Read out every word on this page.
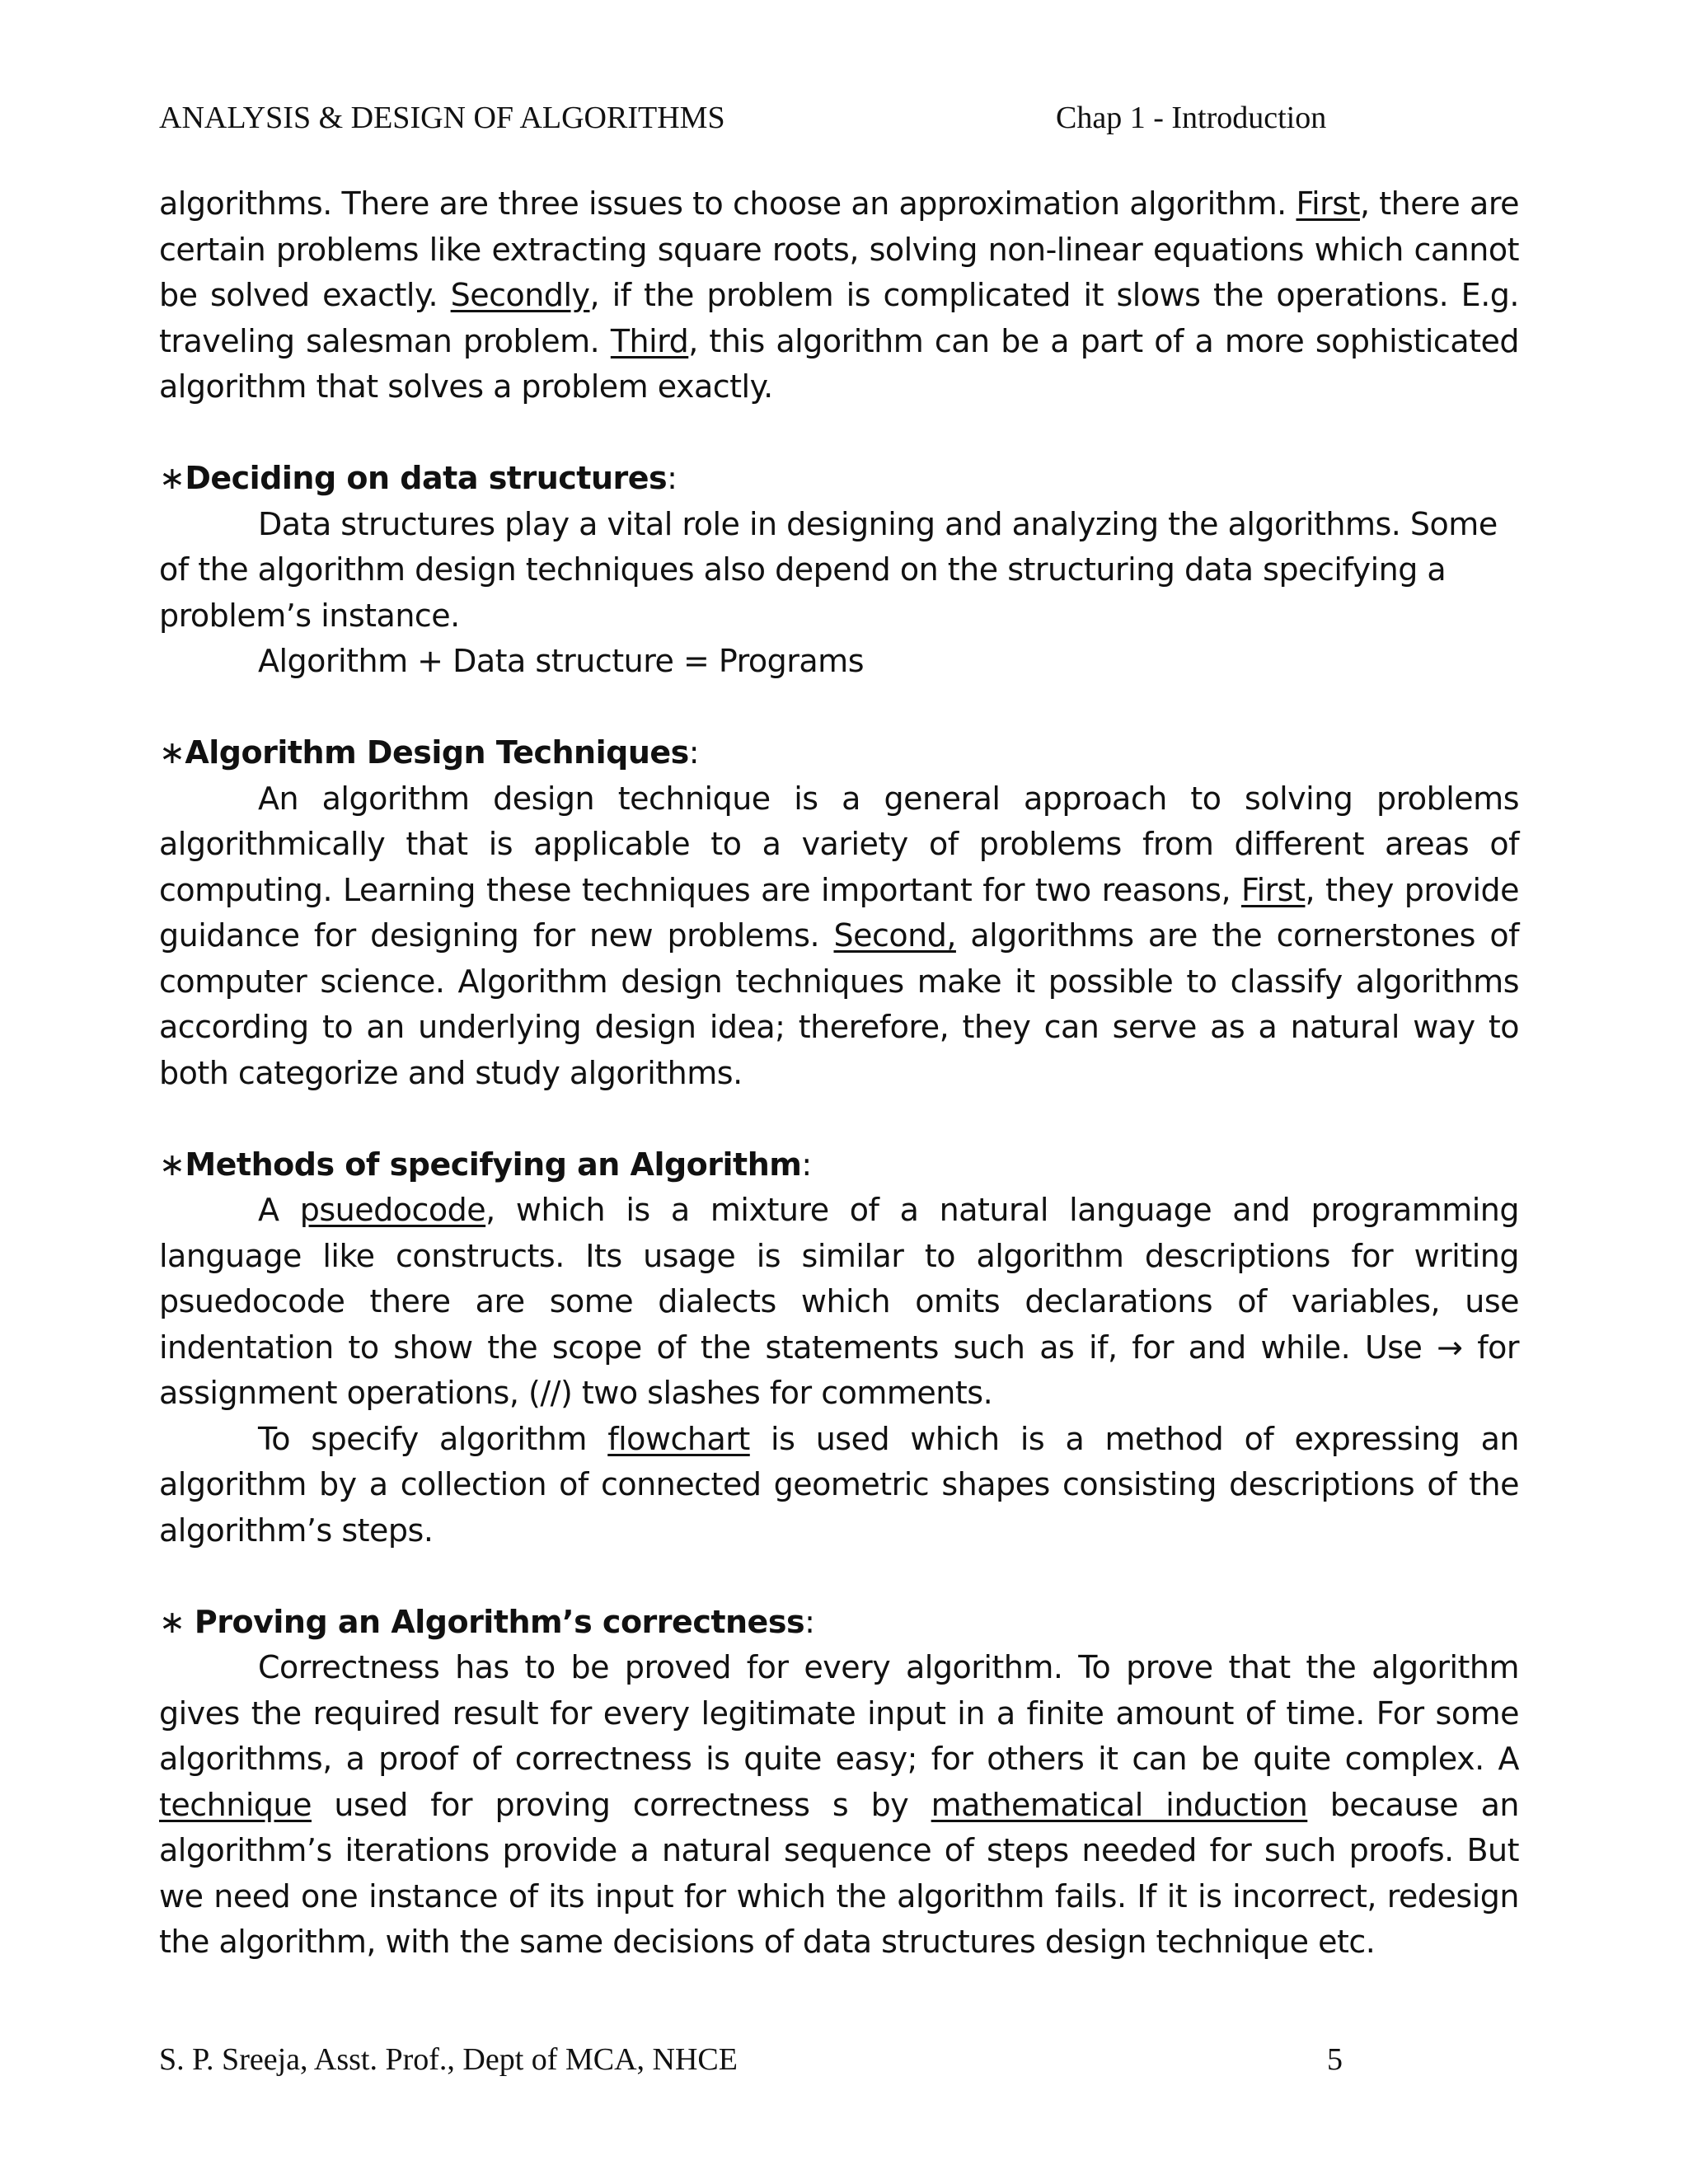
ANALYSIS & DESIGN OF ALGORITHMS	Chap 1 - Introduction

algorithms. There are three issues to choose an approximation algorithm. First, there are certain problems like extracting square roots, solving non-linear equations which cannot be solved exactly. Secondly, if the problem is complicated it slows the operations. E.g. traveling salesman problem. Third, this algorithm can be a part of a more sophisticated algorithm that solves a problem exactly.

∗Deciding on data structures:

Data structures play a vital role in designing and analyzing the algorithms. Some of the algorithm design techniques also depend on the structuring data specifying a problem’s instance.

Algorithm + Data structure = Programs
∗Algorithm Design Techniques:

An algorithm design technique is a general approach to solving problems algorithmically that is applicable to a variety of problems from different areas of computing. Learning these techniques are important for two reasons, First, they provide guidance for designing for new problems. Second, algorithms are the cornerstones of computer science. Algorithm design techniques make it possible to classify algorithms according to an underlying design idea; therefore, they can serve as a natural way to both categorize and study algorithms.

∗Methods of specifying an Algorithm:

A psuedocode, which is a mixture of a natural language and programming language like constructs. Its usage is similar to algorithm descriptions for writing psuedocode there are some dialects which omits declarations of variables, use indentation to show the scope of the statements such as if, for and while. Use → for assignment operations, (//) two slashes for comments.

To specify algorithm flowchart is used which is a method of expressing an algorithm by a collection of connected geometric shapes consisting descriptions of the algorithm’s steps.

∗ Proving an Algorithm’s correctness:

Correctness has to be proved for every algorithm. To prove that the algorithm gives the required result for every legitimate input in a finite amount of time. For some algorithms, a proof of correctness is quite easy; for others it can be quite complex. A technique used for proving correctness s by mathematical induction because an algorithm’s iterations provide a natural sequence of steps needed for such proofs. But we need one instance of its input for which the algorithm fails. If it is incorrect, redesign the algorithm, with the same decisions of data structures design technique etc.

S. P. Sreeja, Asst. Prof., Dept of MCA, NHCE	5
